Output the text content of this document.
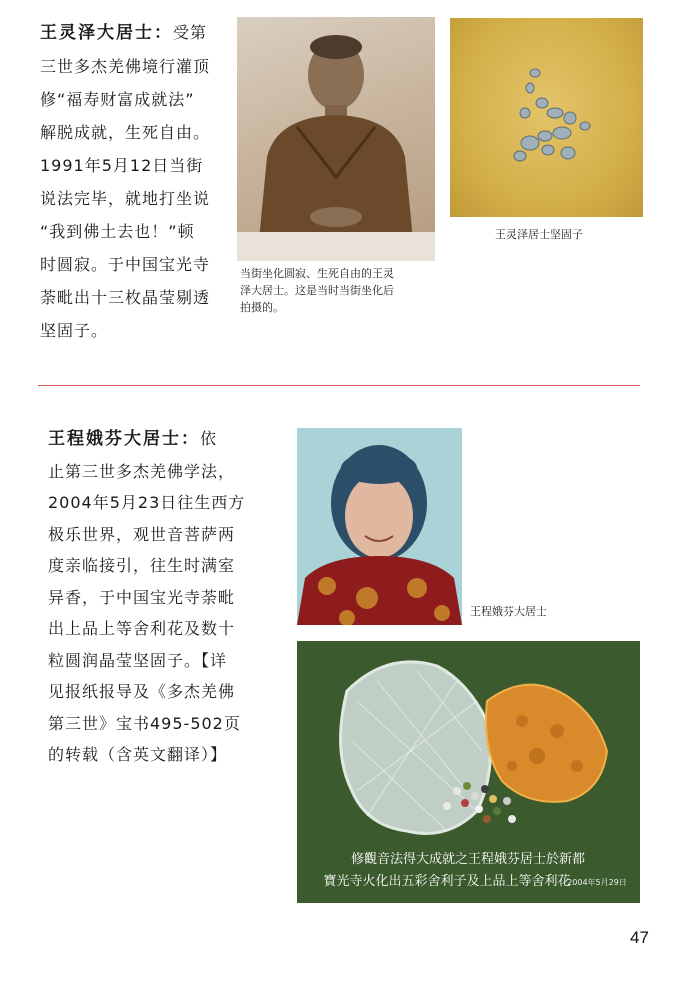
王灵泽大居士：受第
三世多杰羌佛境行灌顶
修“福寿财富成就法”
解脱成就，生死自由。
1991年5月12日当街
说法完毕，就地打坐说
“我到佛土去也！”顿
时圆寂。于中国宝光寺
荼毗出十三枚晶莹剔透
坚固子。
当街坐化圆寂、生死自由的王灵
泽大居士。这是当时当街坐化后
拍摄的。
王灵泽居士坚固子
王程娥芬大居士：依
止第三世多杰羌佛学法，
2004年5月23日往生西方
极乐世界，观世音菩萨两
度亲临接引，往生时满室
异香，于中国宝光寺荼毗
出上品上等舍利花及数十
粒圆润晶莹坚固子。【详
见报纸报导及《多杰羌佛
第三世》宝书495-502页
的转载（含英文翻译）】
王程娥芬大居士
修觀音法得大成就之王程娥芬居士於新都
寶光寺火化出五彩舍利子及上品上等舍利花
2004年5月29日
47
